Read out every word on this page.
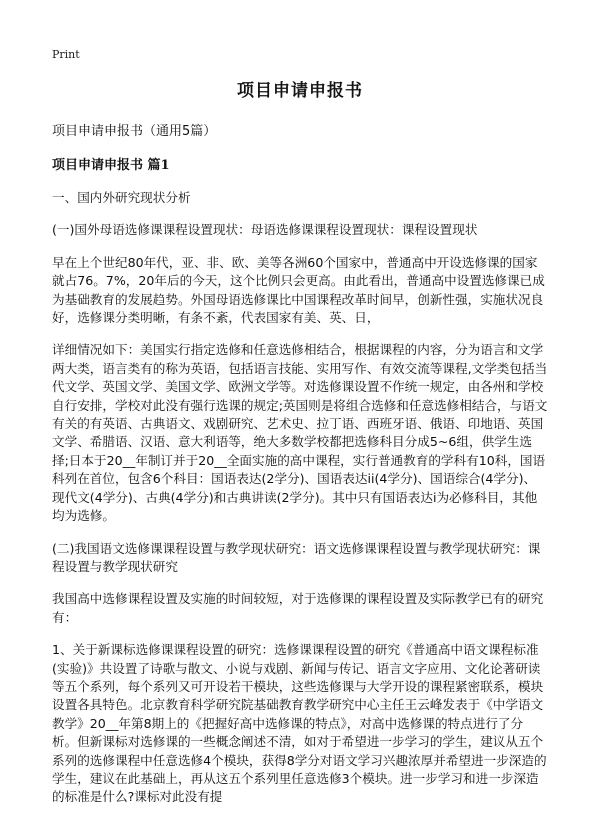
Print
项目申请申报书

项目申请申报书（通用5篇）

项目申请申报书 篇1

一、国内外研究现状分析

(一)国外母语选修课课程设置现状：母语选修课课程设置现状：课程设置现状

早在上个世纪80年代，亚、非、欧、美等各洲60个国家中，普通高中开设选修课的国家就占76。7%，20年后的今天，这个比例只会更高。由此看出，普通高中设置选修课已成为基础教育的发展趋势。外国母语选修课比中国课程改革时间早，创新性强，实施状况良好，选修课分类明晰，有条不紊，代表国家有美、英、日，

详细情况如下：美国实行指定选修和任意选修相结合，根据课程的内容，分为语言和文学两大类，语言类有的称为英语，包括语言技能、实用写作、有效交流等课程,文学类包括当代文学、英国文学、美国文学、欧洲文学等。对选修课设置不作统一规定，由各州和学校自行安排，学校对此没有强行选课的规定;英国则是将组合选修和任意选修相结合，与语文有关的有英语、古典语文、戏剧研究、艺术史、拉丁语、西班牙语、俄语、印地语、英国文学、希腊语、汉语、意大利语等，绝大多数学校都把选修科目分成5~6组，供学生选择;日本于20__年制订并于20__全面实施的高中课程，实行普通教育的学科有10科，国语科列在首位，包含6个科目：国语表达(2学分)、国语表达ii(4学分)、国语综合(4学分)、现代文(4学分)、古典(4学分)和古典讲读(2学分)。其中只有国语表达i为必修科目，其他均为选修。

(二)我国语文选修课课程设置与教学现状研究：语文选修课课程设置与教学现状研究：课程设置与教学现状研究

我国高中选修课程设置及实施的时间较短，对于选修课的课程设置及实际教学已有的研究有：

1、关于新课标选修课课程设置的研究：选修课课程设置的研究《普通高中语文课程标准(实验)》共设置了诗歌与散文、小说与戏剧、新闻与传记、语言文字应用、文化论著研读等五个系列，每个系列又可开设若干模块，这些选修课与大学开设的课程紧密联系，模块设置各具特色。北京教育科学研究院基础教育教学研究中心主任王云峰发表于《中学语文教学》20__年第8期上的《把握好高中选修课的特点》，对高中选修课的特点进行了分析。但新课标对选修课的一些概念阐述不清，如对于希望进一步学习的学生，建议从五个系列的选修课程中任意选修4个模块，获得8学分对语文学习兴趣浓厚并希望进一步深造的学生，建议在此基础上，再从这五个系列里任意选修3个模块。进一步学习和进一步深造的标准是什么?课标对此没有提
